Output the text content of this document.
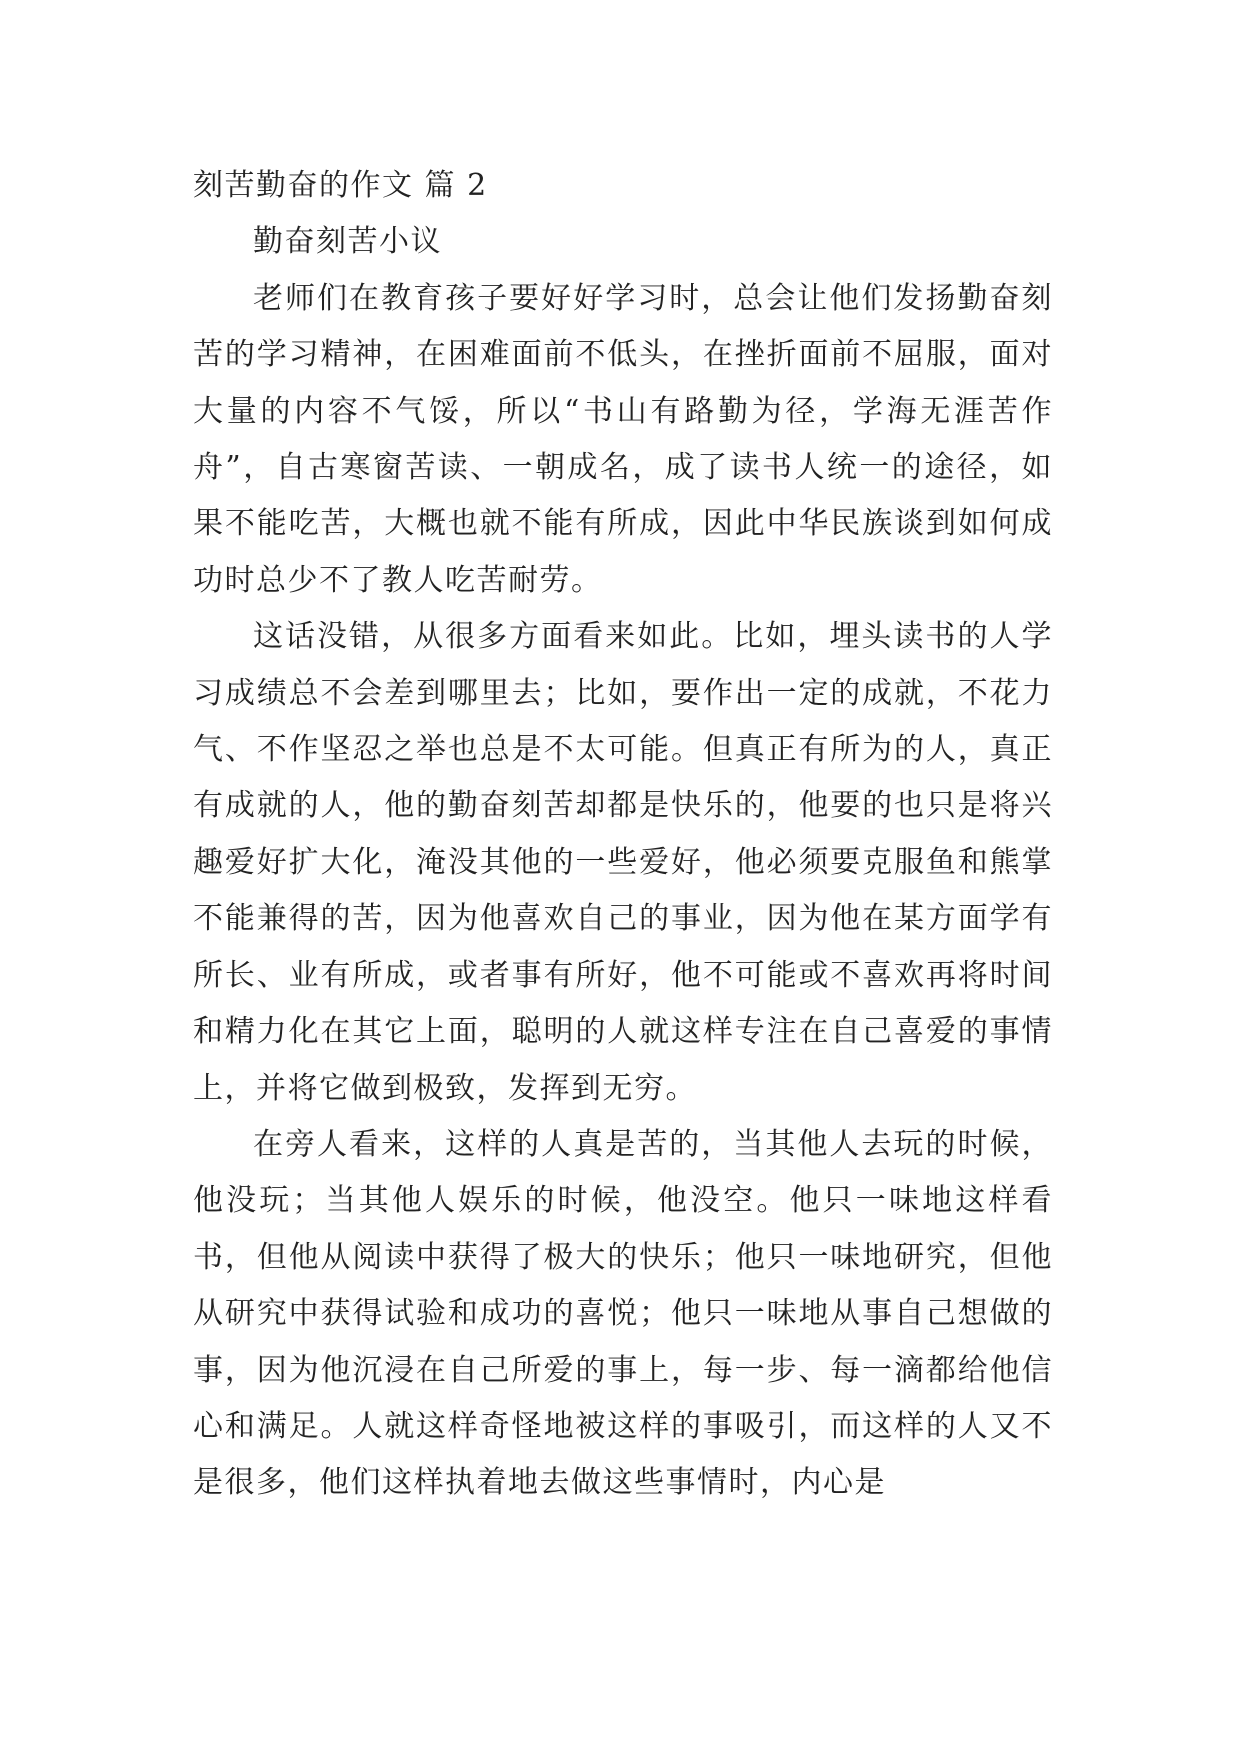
刻苦勤奋的作文 篇 2

勤奋刻苦小议

老师们在教育孩子要好好学习时，总会让他们发扬勤奋刻苦的学习精神，在困难面前不低头，在挫折面前不屈服，面对大量的内容不气馁，所以“书山有路勤为径，学海无涯苦作舟”，自古寒窗苦读、一朝成名，成了读书人统一的途径，如果不能吃苦，大概也就不能有所成，因此中华民族谈到如何成功时总少不了教人吃苦耐劳。

这话没错，从很多方面看来如此。比如，埋头读书的人学习成绩总不会差到哪里去；比如，要作出一定的成就，不花力气、不作坚忍之举也总是不太可能。但真正有所为的人，真正有成就的人，他的勤奋刻苦却都是快乐的，他要的也只是将兴趣爱好扩大化，淹没其他的一些爱好，他必须要克服鱼和熊掌不能兼得的苦，因为他喜欢自己的事业，因为他在某方面学有所长、业有所成，或者事有所好，他不可能或不喜欢再将时间和精力化在其它上面，聪明的人就这样专注在自己喜爱的事情上，并将它做到极致，发挥到无穷。

在旁人看来，这样的人真是苦的，当其他人去玩的时候，他没玩；当其他人娱乐的时候，他没空。他只一味地这样看书，但他从阅读中获得了极大的快乐；他只一味地研究，但他从研究中获得试验和成功的喜悦；他只一味地从事自己想做的事，因为他沉浸在自己所爱的事上，每一步、每一滴都给他信心和满足。人就这样奇怪地被这样的事吸引，而这样的人又不是很多，他们这样执着地去做这些事情时，内心是
